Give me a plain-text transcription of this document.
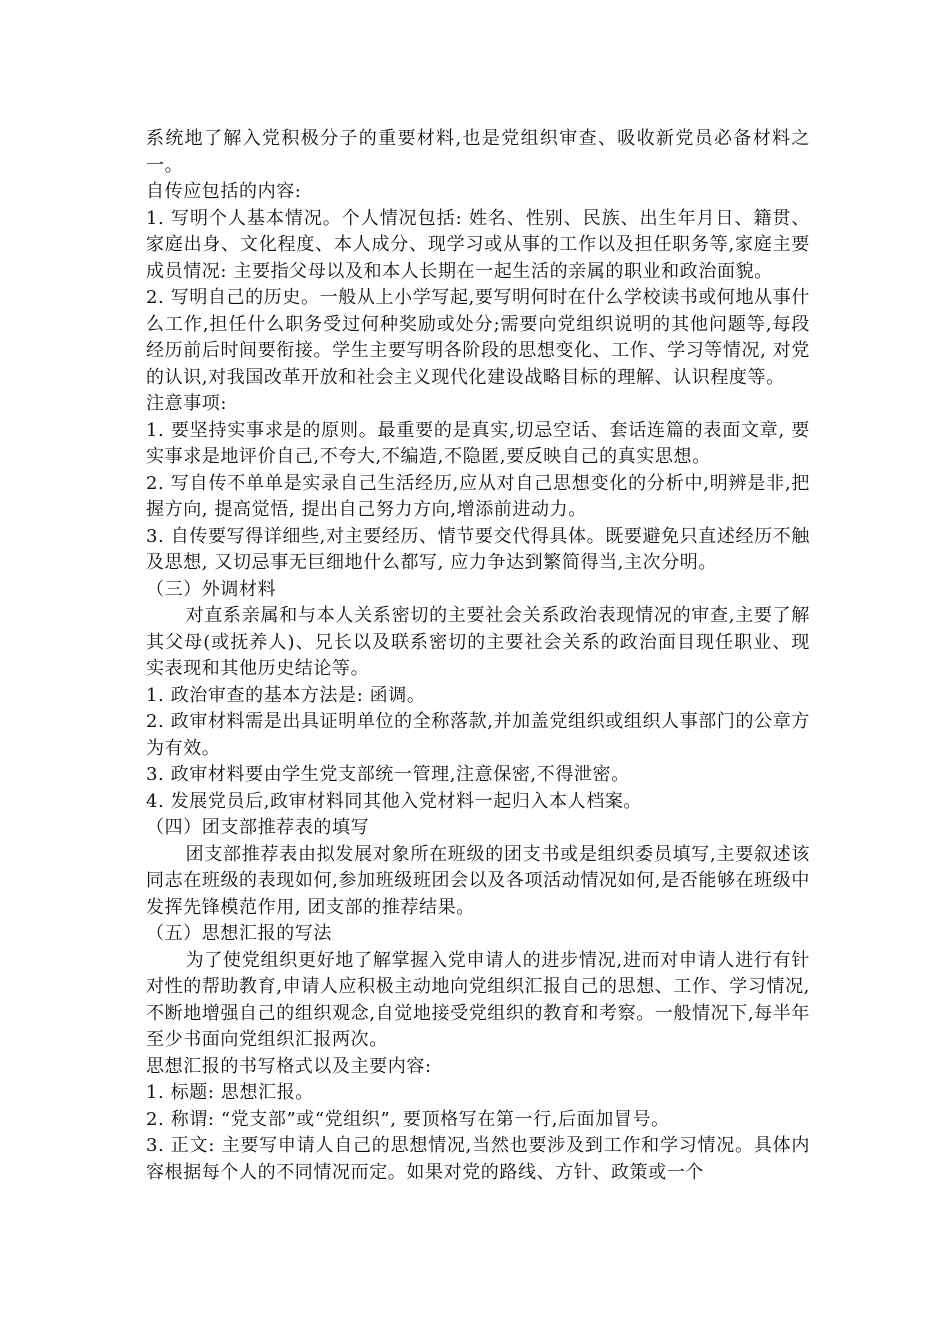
系统地了解入党积极分子的重要材料,也是党组织审查、吸收新党员必备材料之一。

自传应包括的内容:

1. 写明个人基本情况。个人情况包括: 姓名、性别、民族、出生年月日、籍贯、家庭出身、文化程度、本人成分、现学习或从事的工作以及担任职务等,家庭主要成员情况: 主要指父母以及和本人长期在一起生活的亲属的职业和政治面貌。

2. 写明自己的历史。一般从上小学写起,要写明何时在什么学校读书或何地从事什么工作,担任什么职务受过何种奖励或处分;需要向党组织说明的其他问题等,每段经历前后时间要衔接。学生主要写明各阶段的思想变化、工作、学习等情况, 对党的认识,对我国改革开放和社会主义现代化建设战略目标的理解、认识程度等。

注意事项:

1. 要坚持实事求是的原则。最重要的是真实,切忌空话、套话连篇的表面文章, 要实事求是地评价自己,不夸大,不编造,不隐匿,要反映自己的真实思想。

2. 写自传不单单是实录自己生活经历,应从对自己思想变化的分析中,明辨是非,把握方向, 提高觉悟, 提出自己努力方向,增添前进动力。

3. 自传要写得详细些,对主要经历、情节要交代得具体。既要避免只直述经历不触及思想, 又切忌事无巨细地什么都写, 应力争达到繁简得当,主次分明。

（三）外调材料

对直系亲属和与本人关系密切的主要社会关系政治表现情况的审查,主要了解其父母(或抚养人)、兄长以及联系密切的主要社会关系的政治面目现任职业、现实表现和其他历史结论等。

1. 政治审查的基本方法是: 函调。

2. 政审材料需是出具证明单位的全称落款,并加盖党组织或组织人事部门的公章方为有效。

3. 政审材料要由学生党支部统一管理,注意保密,不得泄密。

4. 发展党员后,政审材料同其他入党材料一起归入本人档案。

（四）团支部推荐表的填写

团支部推荐表由拟发展对象所在班级的团支书或是组织委员填写,主要叙述该同志在班级的表现如何,参加班级班团会以及各项活动情况如何,是否能够在班级中发挥先锋模范作用, 团支部的推荐结果。

（五）思想汇报的写法

为了使党组织更好地了解掌握入党申请人的进步情况,进而对申请人进行有针对性的帮助教育,申请人应积极主动地向党组织汇报自己的思想、工作、学习情况,不断地增强自己的组织观念,自觉地接受党组织的教育和考察。一般情况下,每半年至少书面向党组织汇报两次。

思想汇报的书写格式以及主要内容:

1. 标题: 思想汇报。

2. 称谓: “党支部”或“党组织”, 要顶格写在第一行,后面加冒号。

3. 正文: 主要写申请人自己的思想情况,当然也要涉及到工作和学习情况。具体内容根据每个人的不同情况而定。如果对党的路线、方针、政策或一个
